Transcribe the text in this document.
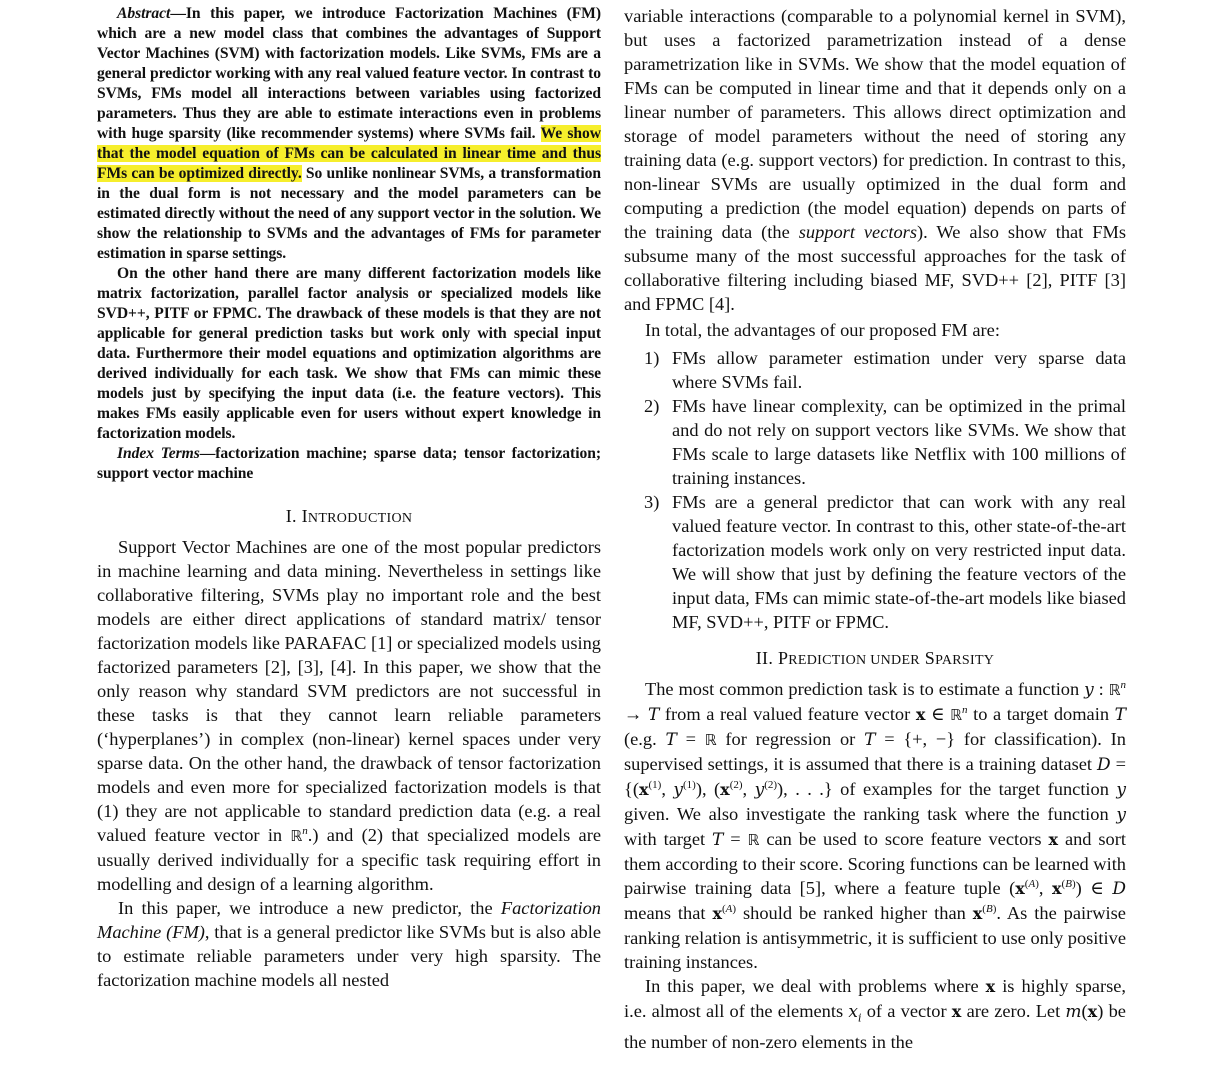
Abstract—In this paper, we introduce Factorization Machines (FM) which are a new model class that combines the advantages of Support Vector Machines (SVM) with factorization models. Like SVMs, FMs are a general predictor working with any real valued feature vector. In contrast to SVMs, FMs model all interactions between variables using factorized parameters. Thus they are able to estimate interactions even in problems with huge sparsity (like recommender systems) where SVMs fail. We show that the model equation of FMs can be calculated in linear time and thus FMs can be optimized directly. So unlike nonlinear SVMs, a transformation in the dual form is not necessary and the model parameters can be estimated directly without the need of any support vector in the solution. We show the relationship to SVMs and the advantages of FMs for parameter estimation in sparse settings.

On the other hand there are many different factorization models like matrix factorization, parallel factor analysis or specialized models like SVD++, PITF or FPMC. The drawback of these models is that they are not applicable for general prediction tasks but work only with special input data. Furthermore their model equations and optimization algorithms are derived individually for each task. We show that FMs can mimic these models just by specifying the input data (i.e. the feature vectors). This makes FMs easily applicable even for users without expert knowledge in factorization models.

Index Terms—factorization machine; sparse data; tensor factorization; support vector machine

I. INTRODUCTION

Support Vector Machines are one of the most popular predictors in machine learning and data mining. Nevertheless in settings like collaborative filtering, SVMs play no important role and the best models are either direct applications of standard matrix/ tensor factorization models like PARAFAC [1] or specialized models using factorized parameters [2], [3], [4]. In this paper, we show that the only reason why standard SVM predictors are not successful in these tasks is that they cannot learn reliable parameters (‘hyperplanes’) in complex (non-linear) kernel spaces under very sparse data. On the other hand, the drawback of tensor factorization models and even more for specialized factorization models is that (1) they are not applicable to standard prediction data (e.g. a real valued feature vector in ℝ$^n$.) and (2) that specialized models are usually derived individually for a specific task requiring effort in modelling and design of a learning algorithm.

In this paper, we introduce a new predictor, the Factorization Machine (FM), that is a general predictor like SVMs but is also able to estimate reliable parameters under very high sparsity. The factorization machine models all nested

variable interactions (comparable to a polynomial kernel in SVM), but uses a factorized parametrization instead of a dense parametrization like in SVMs. We show that the model equation of FMs can be computed in linear time and that it depends only on a linear number of parameters. This allows direct optimization and storage of model parameters without the need of storing any training data (e.g. support vectors) for prediction. In contrast to this, non-linear SVMs are usually optimized in the dual form and computing a prediction (the model equation) depends on parts of the training data (the support vectors). We also show that FMs subsume many of the most successful approaches for the task of collaborative filtering including biased MF, SVD++ [2], PITF [3] and FPMC [4].

In total, the advantages of our proposed FM are:

1) FMs allow parameter estimation under very sparse data where SVMs fail.
2) FMs have linear complexity, can be optimized in the primal and do not rely on support vectors like SVMs. We show that FMs scale to large datasets like Netflix with 100 millions of training instances.
3) FMs are a general predictor that can work with any real valued feature vector. In contrast to this, other state-of-the-art factorization models work only on very restricted input data. We will show that just by defining the feature vectors of the input data, FMs can mimic state-of-the-art models like biased MF, SVD++, PITF or FPMC.
II. PREDICTION UNDER SPARSITY

The most common prediction task is to estimate a function y : ℝ$^n$ → T from a real valued feature vector x ∈ ℝ$^n$ to a target domain T (e.g. T = ℝ for regression or T = {+, −} for classification). In supervised settings, it is assumed that there is a training dataset $D = \{(x^{(1)}$, $y^{(1)}$), ($x^{(2)}$, $y^{(2)}$), . . .} of examples for the target function y given. We also investigate the ranking task where the function y with target T = ℝ can be used to score feature vectors x and sort them according to their score. Scoring functions can be learned with pairwise training data [5], where a feature tuple ($x^{(A)}$, $x^{(B)}$) ∈ D means that $x^{(A)}$ should be ranked higher than $x^{(B)}$. As the pairwise ranking relation is antisymmetric, it is sufficient to use only positive training instances.

In this paper, we deal with problems where x is highly sparse, i.e. almost all of the elements $x_i$ of a vector x are zero. Let m(x) be the number of non-zero elements in the
